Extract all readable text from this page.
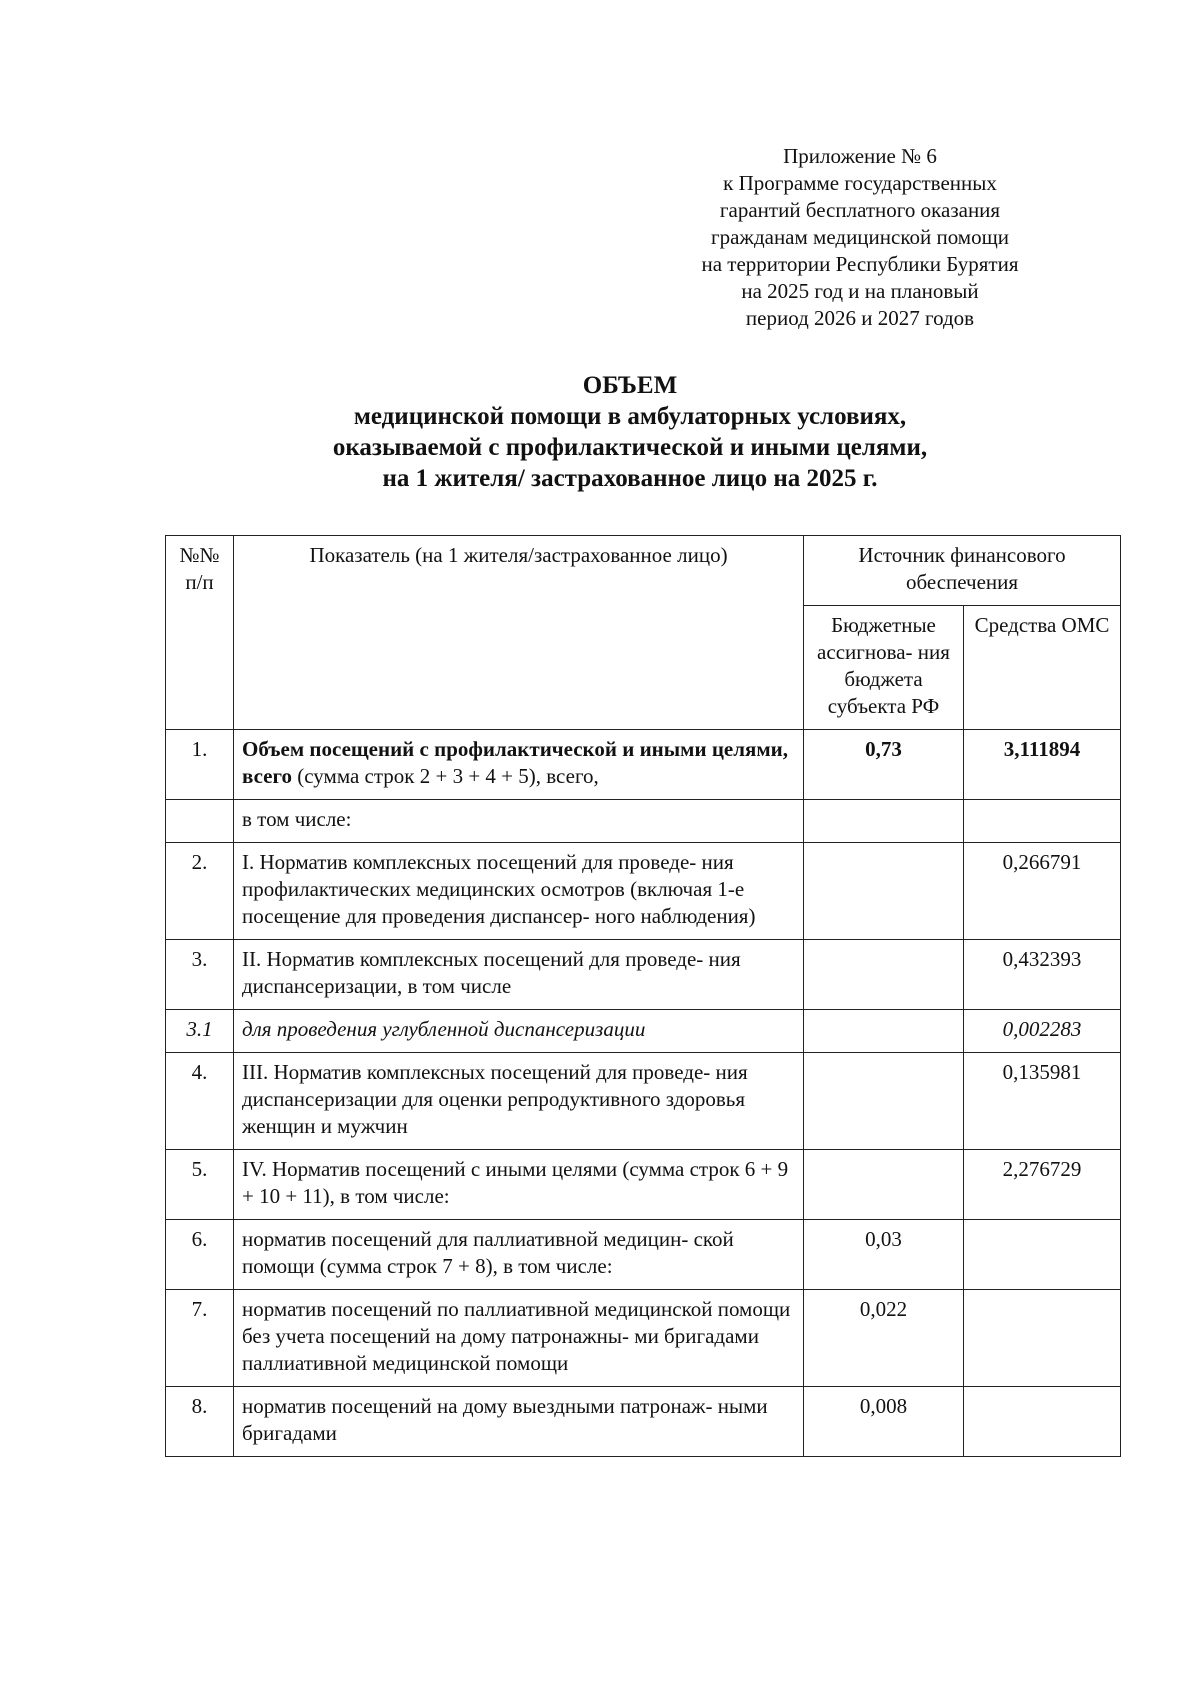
Приложение № 6
к Программе государственных
гарантий бесплатного оказания
гражданам медицинской помощи
на территории Республики Бурятия
на 2025 год и на плановый
период 2026 и 2027 годов
ОБЪЕМ
медицинской помощи в амбулаторных условиях,
оказываемой с профилактической и иными целями,
на 1 жителя/ застрахованное лицо на 2025 г.
№№ п/п	Показатель (на 1 жителя/застрахованное лицо)	Источник финансового обеспечения	
		Бюджетные ассигнова- ния бюджета субъекта РФ	Средства ОМС
1.	Объем посещений с профилактической и иными целями, всего (сумма строк 2 + 3 + 4 + 5), всего,	0,73	3,111894
	в том числе:		
2.	I. Норматив комплексных посещений для проведе- ния профилактических медицинских осмотров (включая 1-е посещение для проведения диспансер- ного наблюдения)		0,266791
3.	II. Норматив комплексных посещений для проведе- ния диспансеризации, в том числе		0,432393
3.1	для проведения углубленной диспансеризации		0,002283
4.	III. Норматив комплексных посещений для проведе- ния диспансеризации для оценки репродуктивного здоровья женщин и мужчин		0,135981
5.	IV. Норматив посещений с иными целями (сумма строк 6 + 9 + 10 + 11), в том числе:		2,276729
6.	норматив посещений для паллиативной медицин- ской помощи (сумма строк 7 + 8), в том числе:	0,03	
7.	норматив посещений по паллиативной медицинской помощи без учета посещений на дому патронажны- ми бригадами паллиативной медицинской помощи	0,022	
8.	норматив посещений на дому выездными патронаж- ными бригадами	0,008	
